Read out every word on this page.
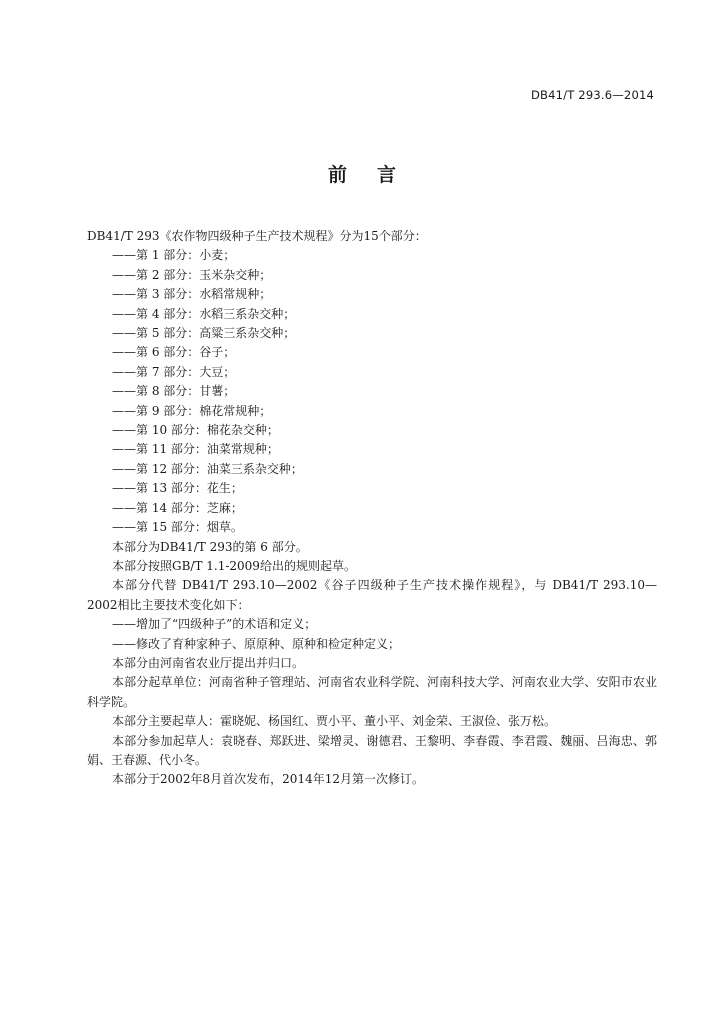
DB41/T 293.6—2014
前言
DB41/T 293《农作物四级种子生产技术规程》分为15个部分：
——第 1 部分：小麦；
——第 2 部分：玉米杂交种；
——第 3 部分：水稻常规种；
——第 4 部分：水稻三系杂交种；
——第 5 部分：高粱三系杂交种；
——第 6 部分：谷子；
——第 7 部分：大豆；
——第 8 部分：甘薯；
——第 9 部分：棉花常规种；
——第 10 部分：棉花杂交种；
——第 11 部分：油菜常规种；
——第 12 部分：油菜三系杂交种；
——第 13 部分：花生；
——第 14 部分：芝麻；
——第 15 部分：烟草。
本部分为DB41/T 293的第 6 部分。
本部分按照GB/T 1.1-2009给出的规则起草。
本部分代替 DB41/T 293.10—2002《谷子四级种子生产技术操作规程》，与 DB41/T 293.10—2002相比主要技术变化如下：
——增加了“四级种子”的术语和定义；
——修改了育种家种子、原原种、原种和检定种定义；
本部分由河南省农业厅提出并归口。
本部分起草单位：河南省种子管理站、河南省农业科学院、河南科技大学、河南农业大学、安阳市农业科学院。
本部分主要起草人：霍晓妮、杨国红、贾小平、董小平、刘金荣、王淑俭、张万松。
本部分参加起草人：袁晓春、郑跃进、梁增灵、谢德君、王黎明、李春霞、李君霞、魏丽、吕海忠、郭娟、王春源、代小冬。
本部分于2002年8月首次发布，2014年12月第一次修订。
